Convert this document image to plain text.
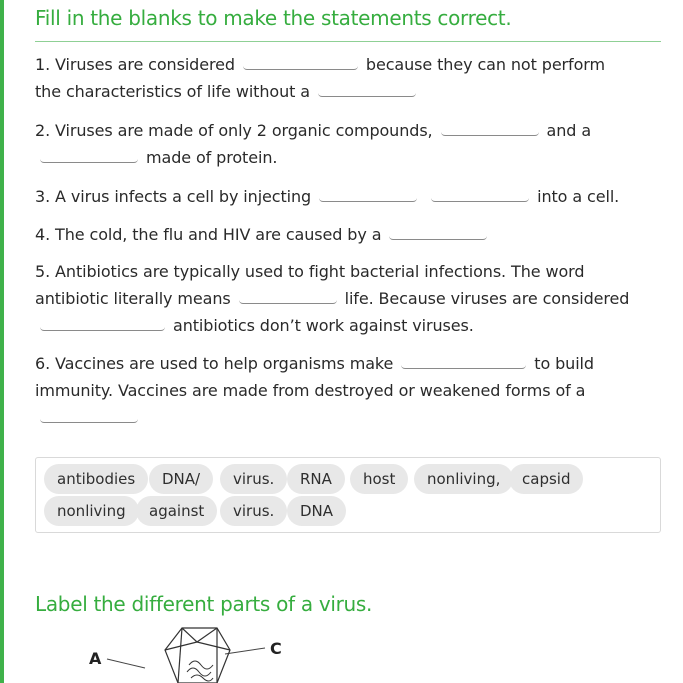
Fill in the blanks to make the statements correct.
1. Viruses are considered	because they can not perform
the characteristics of life without a
2. Viruses are made of only 2 organic compounds,	and a
made of protein.
3. A virus infects a cell by injecting	into a cell.
4. The cold, the flu and HIV are caused by a
5. Antibiotics are typically used to fight bacterial infections. The word
antibiotic literally means	life. Because viruses are considered
antibiotics don’t work against viruses.
6. Vaccines are used to help organisms make	to build
immunity. Vaccines are made from destroyed or weakened forms of a

antibodies	DNA/	virus.	RNA	host	nonliving,	capsid
nonliving	against	virus.	DNA
Label the different parts of a virus.
A
C
